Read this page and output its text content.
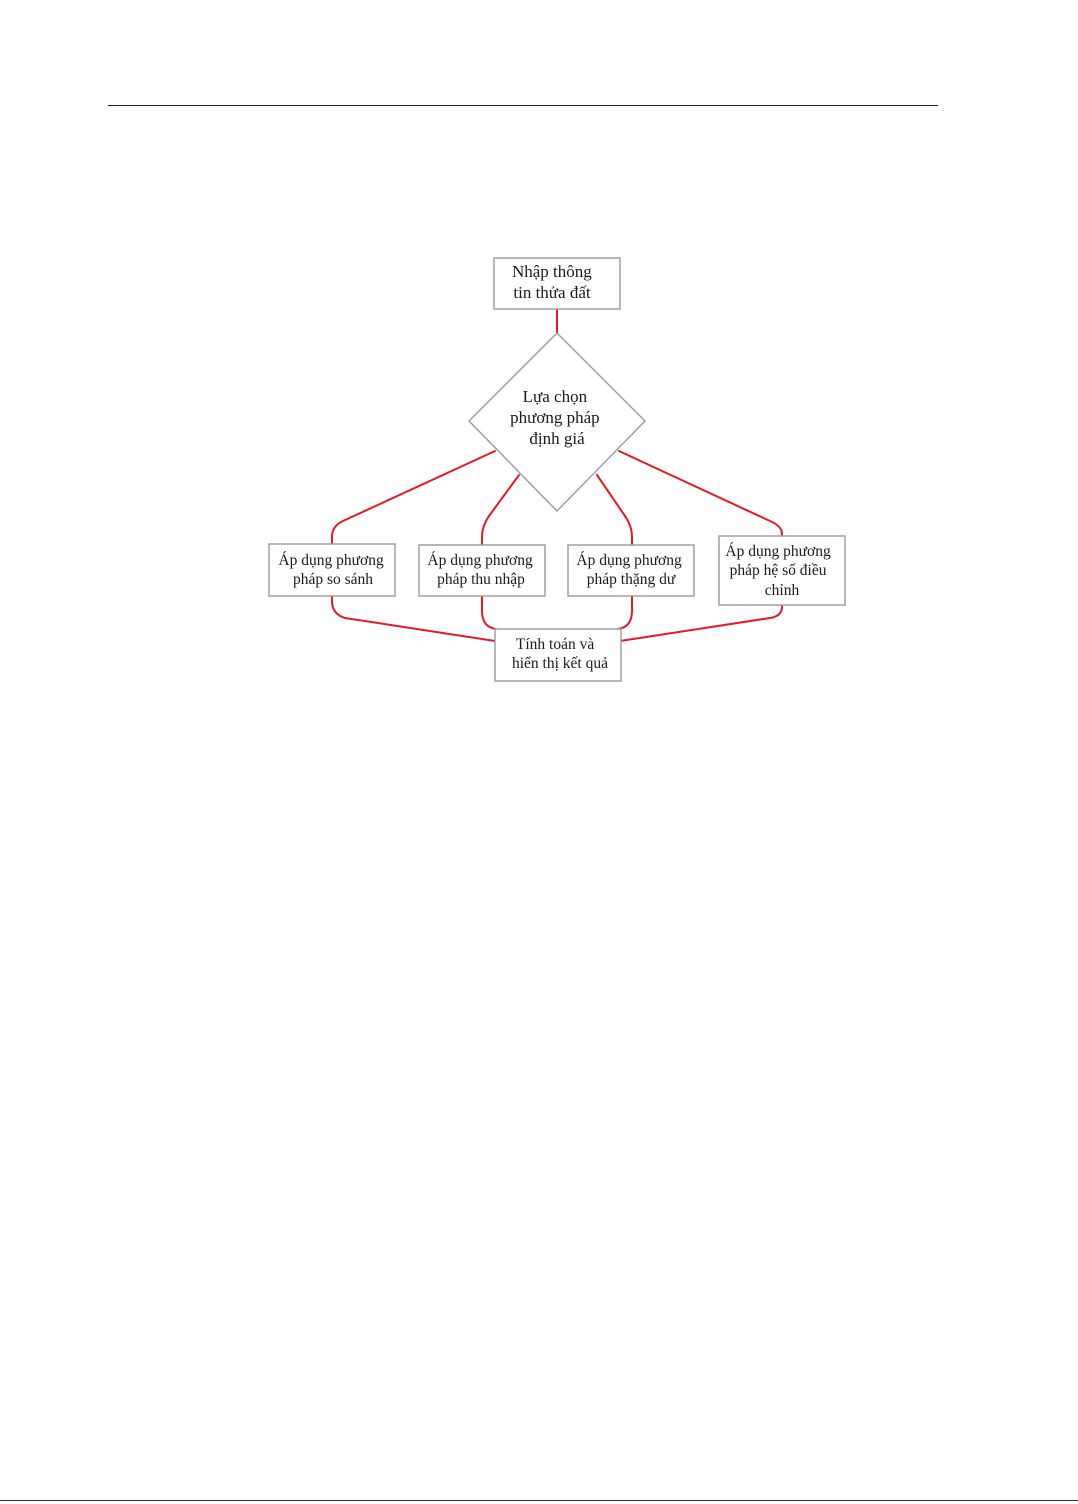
Nhập thông tin thửa đất
Lựa chọn phương pháp định giá
Áp dụng phương pháp so sánh
Áp dụng phương pháp thu nhập
Áp dụng phương pháp thặng dư
Áp dụng phương pháp hệ số điều chỉnh
Tính toán và hiển thị kết quả
